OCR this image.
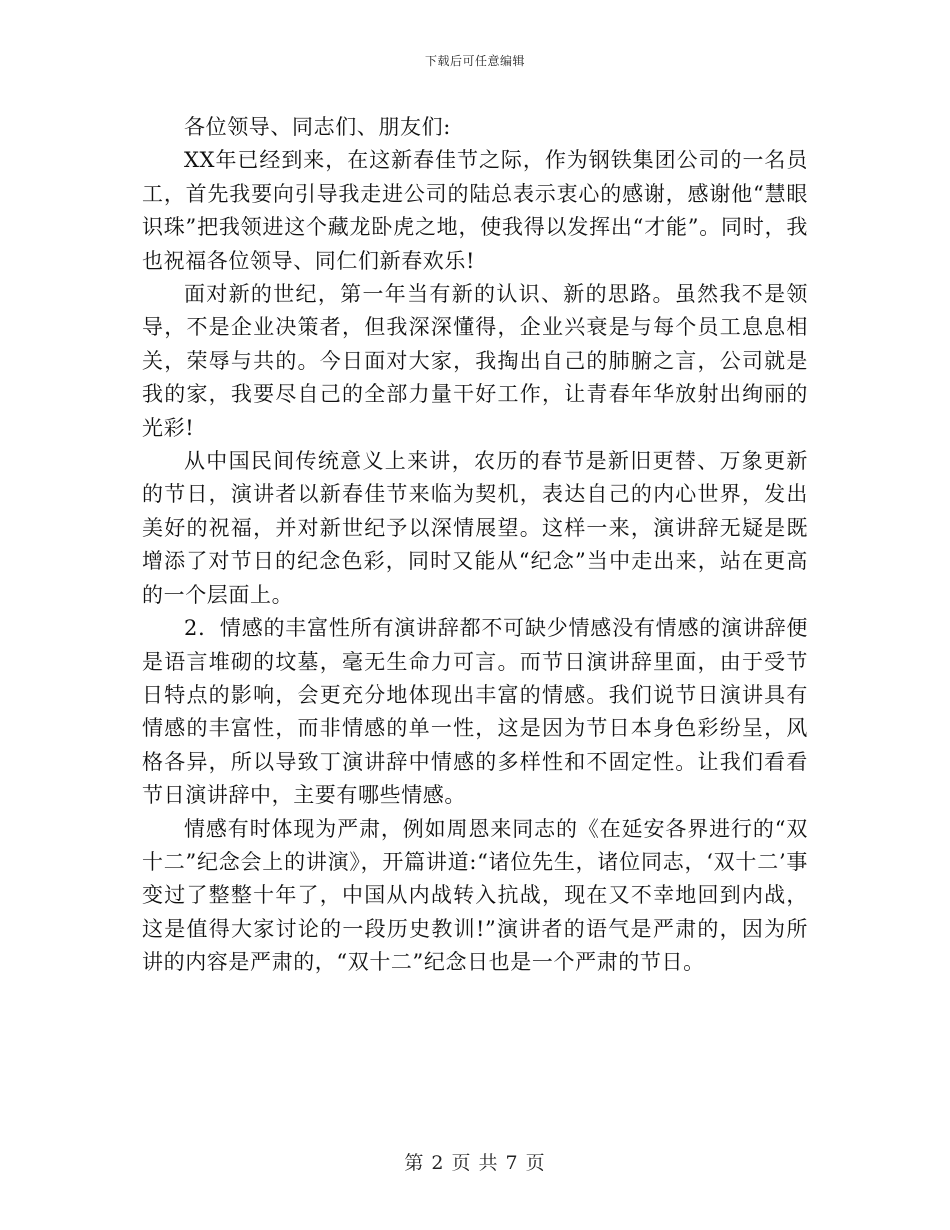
下载后可任意编辑

各位领导、同志们、朋友们:

XX年已经到来，在这新春佳节之际，作为钢铁集团公司的一名员工，首先我要向引导我走进公司的陆总表示衷心的感谢，感谢他“慧眼识珠”把我领进这个藏龙卧虎之地，使我得以发挥出“才能”。同时，我也祝福各位领导、同仁们新春欢乐!

面对新的世纪，第一年当有新的认识、新的思路。虽然我不是领导，不是企业决策者，但我深深懂得，企业兴衰是与每个员工息息相关，荣辱与共的。今日面对大家，我掏出自己的肺腑之言，公司就是我的家，我要尽自己的全部力量干好工作，让青春年华放射出绚丽的光彩!

从中国民间传统意义上来讲，农历的春节是新旧更替、万象更新的节日，演讲者以新春佳节来临为契机，表达自己的内心世界，发出美好的祝福，并对新世纪予以深情展望。这样一来，演讲辞无疑是既增添了对节日的纪念色彩，同时又能从“纪念”当中走出来，站在更高的一个层面上。

2．情感的丰富性所有演讲辞都不可缺少情感没有情感的演讲辞便是语言堆砌的坟墓，毫无生命力可言。而节日演讲辞里面，由于受节日特点的影响，会更充分地体现出丰富的情感。我们说节日演讲具有情感的丰富性，而非情感的单一性，这是因为节日本身色彩纷呈，风格各异，所以导致丁演讲辞中情感的多样性和不固定性。让我们看看节日演讲辞中，主要有哪些情感。

情感有时体现为严肃，例如周恩来同志的《在延安各界进行的“双十二”纪念会上的讲演》，开篇讲道:“诸位先生，诸位同志，‘双十二’事变过了整整十年了，中国从内战转入抗战，现在又不幸地回到内战，这是值得大家讨论的一段历史教训!”演讲者的语气是严肃的，因为所讲的内容是严肃的，“双十二”纪念日也是一个严肃的节日。

第 2 页 共 7 页
